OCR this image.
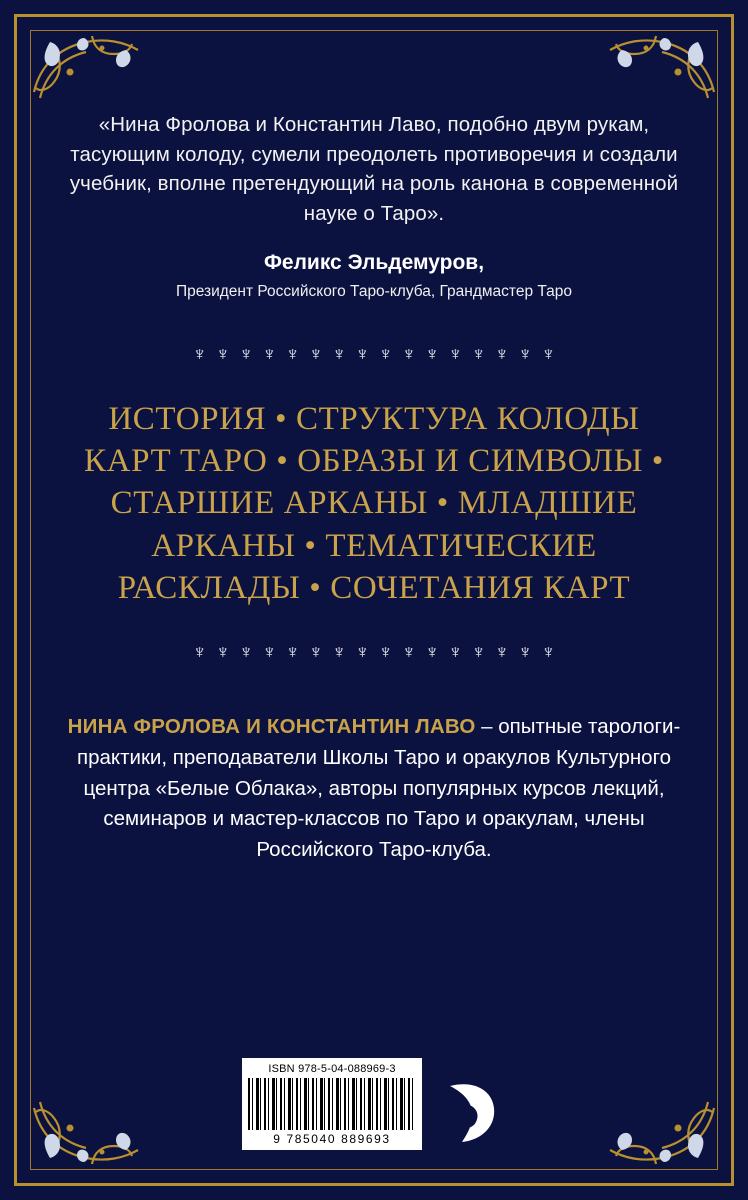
«Нина Фролова и Константин Лаво, подобно двум рукам, тасующим колоду, сумели преодолеть противоречия и создали учебник, вполне претендующий на роль канона в современной науке о Таро».

Феликс Эльдемуров,
Президент Российского Таро-клуба, Грандмастер Таро
♆ ♆ ♆ ♆ ♆ ♆ ♆ ♆ ♆ ♆ ♆ ♆ ♆ ♆ ♆ ♆
ИСТОРИЯ • СТРУКТУРА КОЛОДЫ КАРТ ТАРО • ОБРАЗЫ И СИМВОЛЫ • СТАРШИЕ АРКАНЫ • МЛАДШИЕ АРКАНЫ • ТЕМАТИЧЕСКИЕ РАСКЛАДЫ • СОЧЕТАНИЯ КАРТ
♆ ♆ ♆ ♆ ♆ ♆ ♆ ♆ ♆ ♆ ♆ ♆ ♆ ♆ ♆ ♆

НИНА ФРОЛОВА И КОНСТАНТИН ЛАВО – опытные тарологи-практики, преподаватели Школы Таро и оракулов Культурного центра «Белые Облака», авторы популярных курсов лекций, семинаров и мастер-классов по Таро и оракулам, члены Российского Таро-клуба.

ISBN 978-5-04-088969-3
9 785040 889693
